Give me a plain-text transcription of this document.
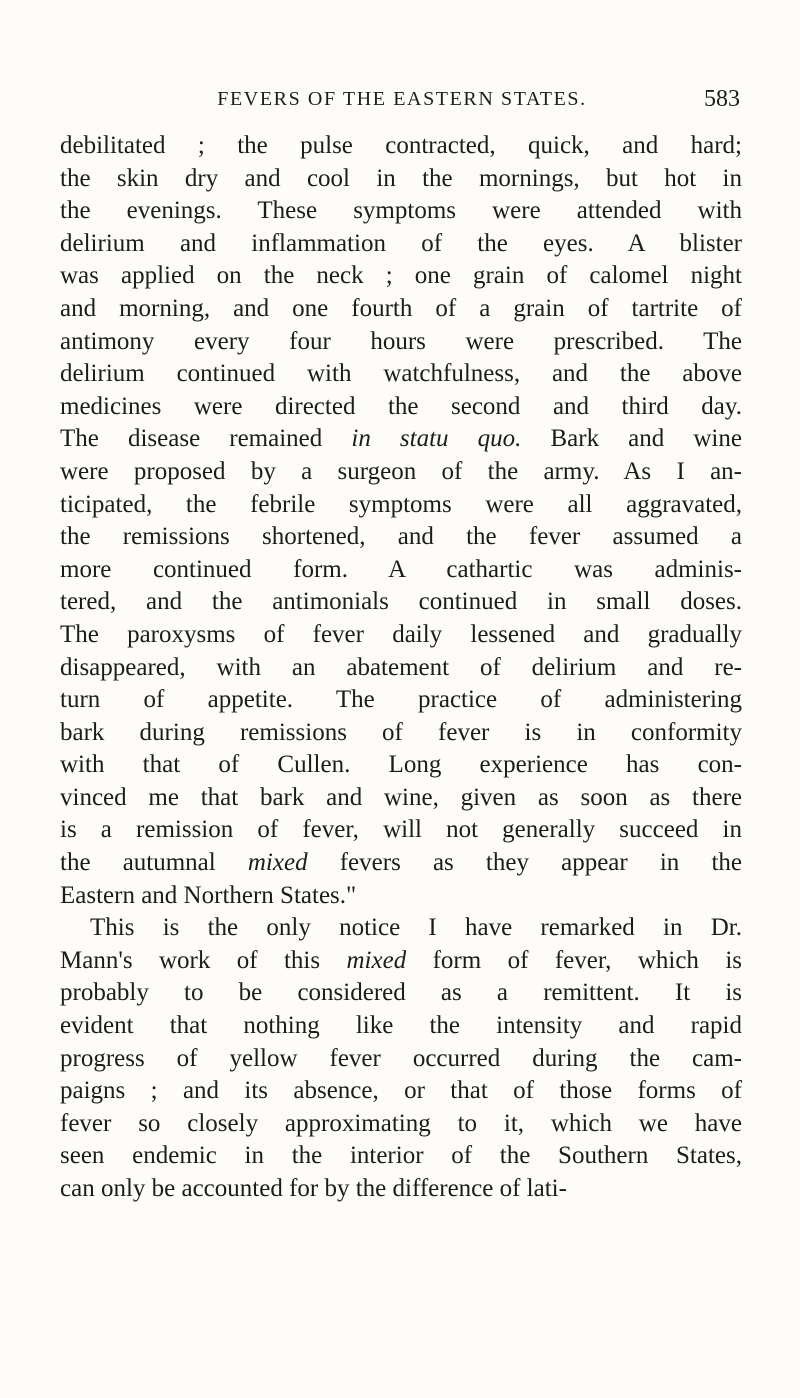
FEVERS OF THE EASTERN STATES.	583
debilitated ; the pulse contracted, quick, and hard;
the skin dry and cool in the mornings, but hot in
the evenings. These symptoms were attended with
delirium and inflammation of the eyes. A blister
was applied on the neck ; one grain of calomel night
and morning, and one fourth of a grain of tartrite of
antimony every four hours were prescribed. The
delirium continued with watchfulness, and the above
medicines were directed the second and third day.
The disease remained in statu quo. Bark and wine
were proposed by a surgeon of the army. As I an-
ticipated, the febrile symptoms were all aggravated,
the remissions shortened, and the fever assumed a
more continued form. A cathartic was adminis-
tered, and the antimonials continued in small doses.
The paroxysms of fever daily lessened and gradually
disappeared, with an abatement of delirium and re-
turn of appetite. The practice of administering
bark during remissions of fever is in conformity
with that of Cullen. Long experience has con-
vinced me that bark and wine, given as soon as there
is a remission of fever, will not generally succeed in
the autumnal mixed fevers as they appear in the
Eastern and Northern States."
This is the only notice I have remarked in Dr.
Mann's work of this mixed form of fever, which is
probably to be considered as a remittent. It is
evident that nothing like the intensity and rapid
progress of yellow fever occurred during the cam-
paigns ; and its absence, or that of those forms of
fever so closely approximating to it, which we have
seen endemic in the interior of the Southern States,
can only be accounted for by the difference of lati-
